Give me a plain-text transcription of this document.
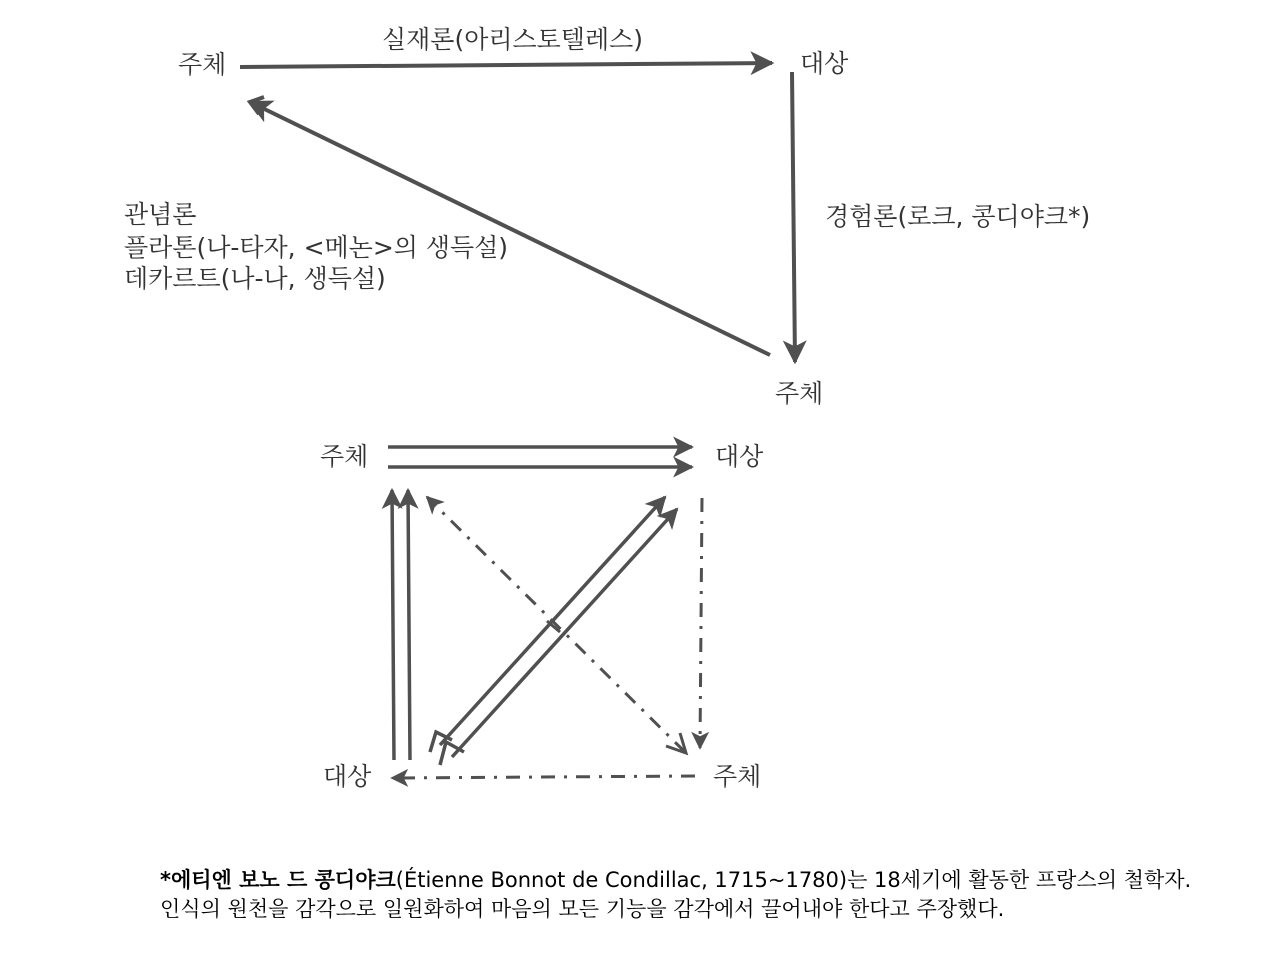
주체	대상
주체
실재론(아리스토텔레스)
경험론(로크, 콩디야크*)
관념론
플라톤(나-타자, <메논>의 생득설)
데카르트(나-나, 생득설)
주체	대상
대상	주체
*에티엔 보노 드 콩디야크(Étienne Bonnot de Condillac, 1715~1780)는 18세기에 활동한 프랑스의 철학자.
인식의 원천을 감각으로 일원화하여 마음의 모든 기능을 감각에서 끌어내야 한다고 주장했다.
